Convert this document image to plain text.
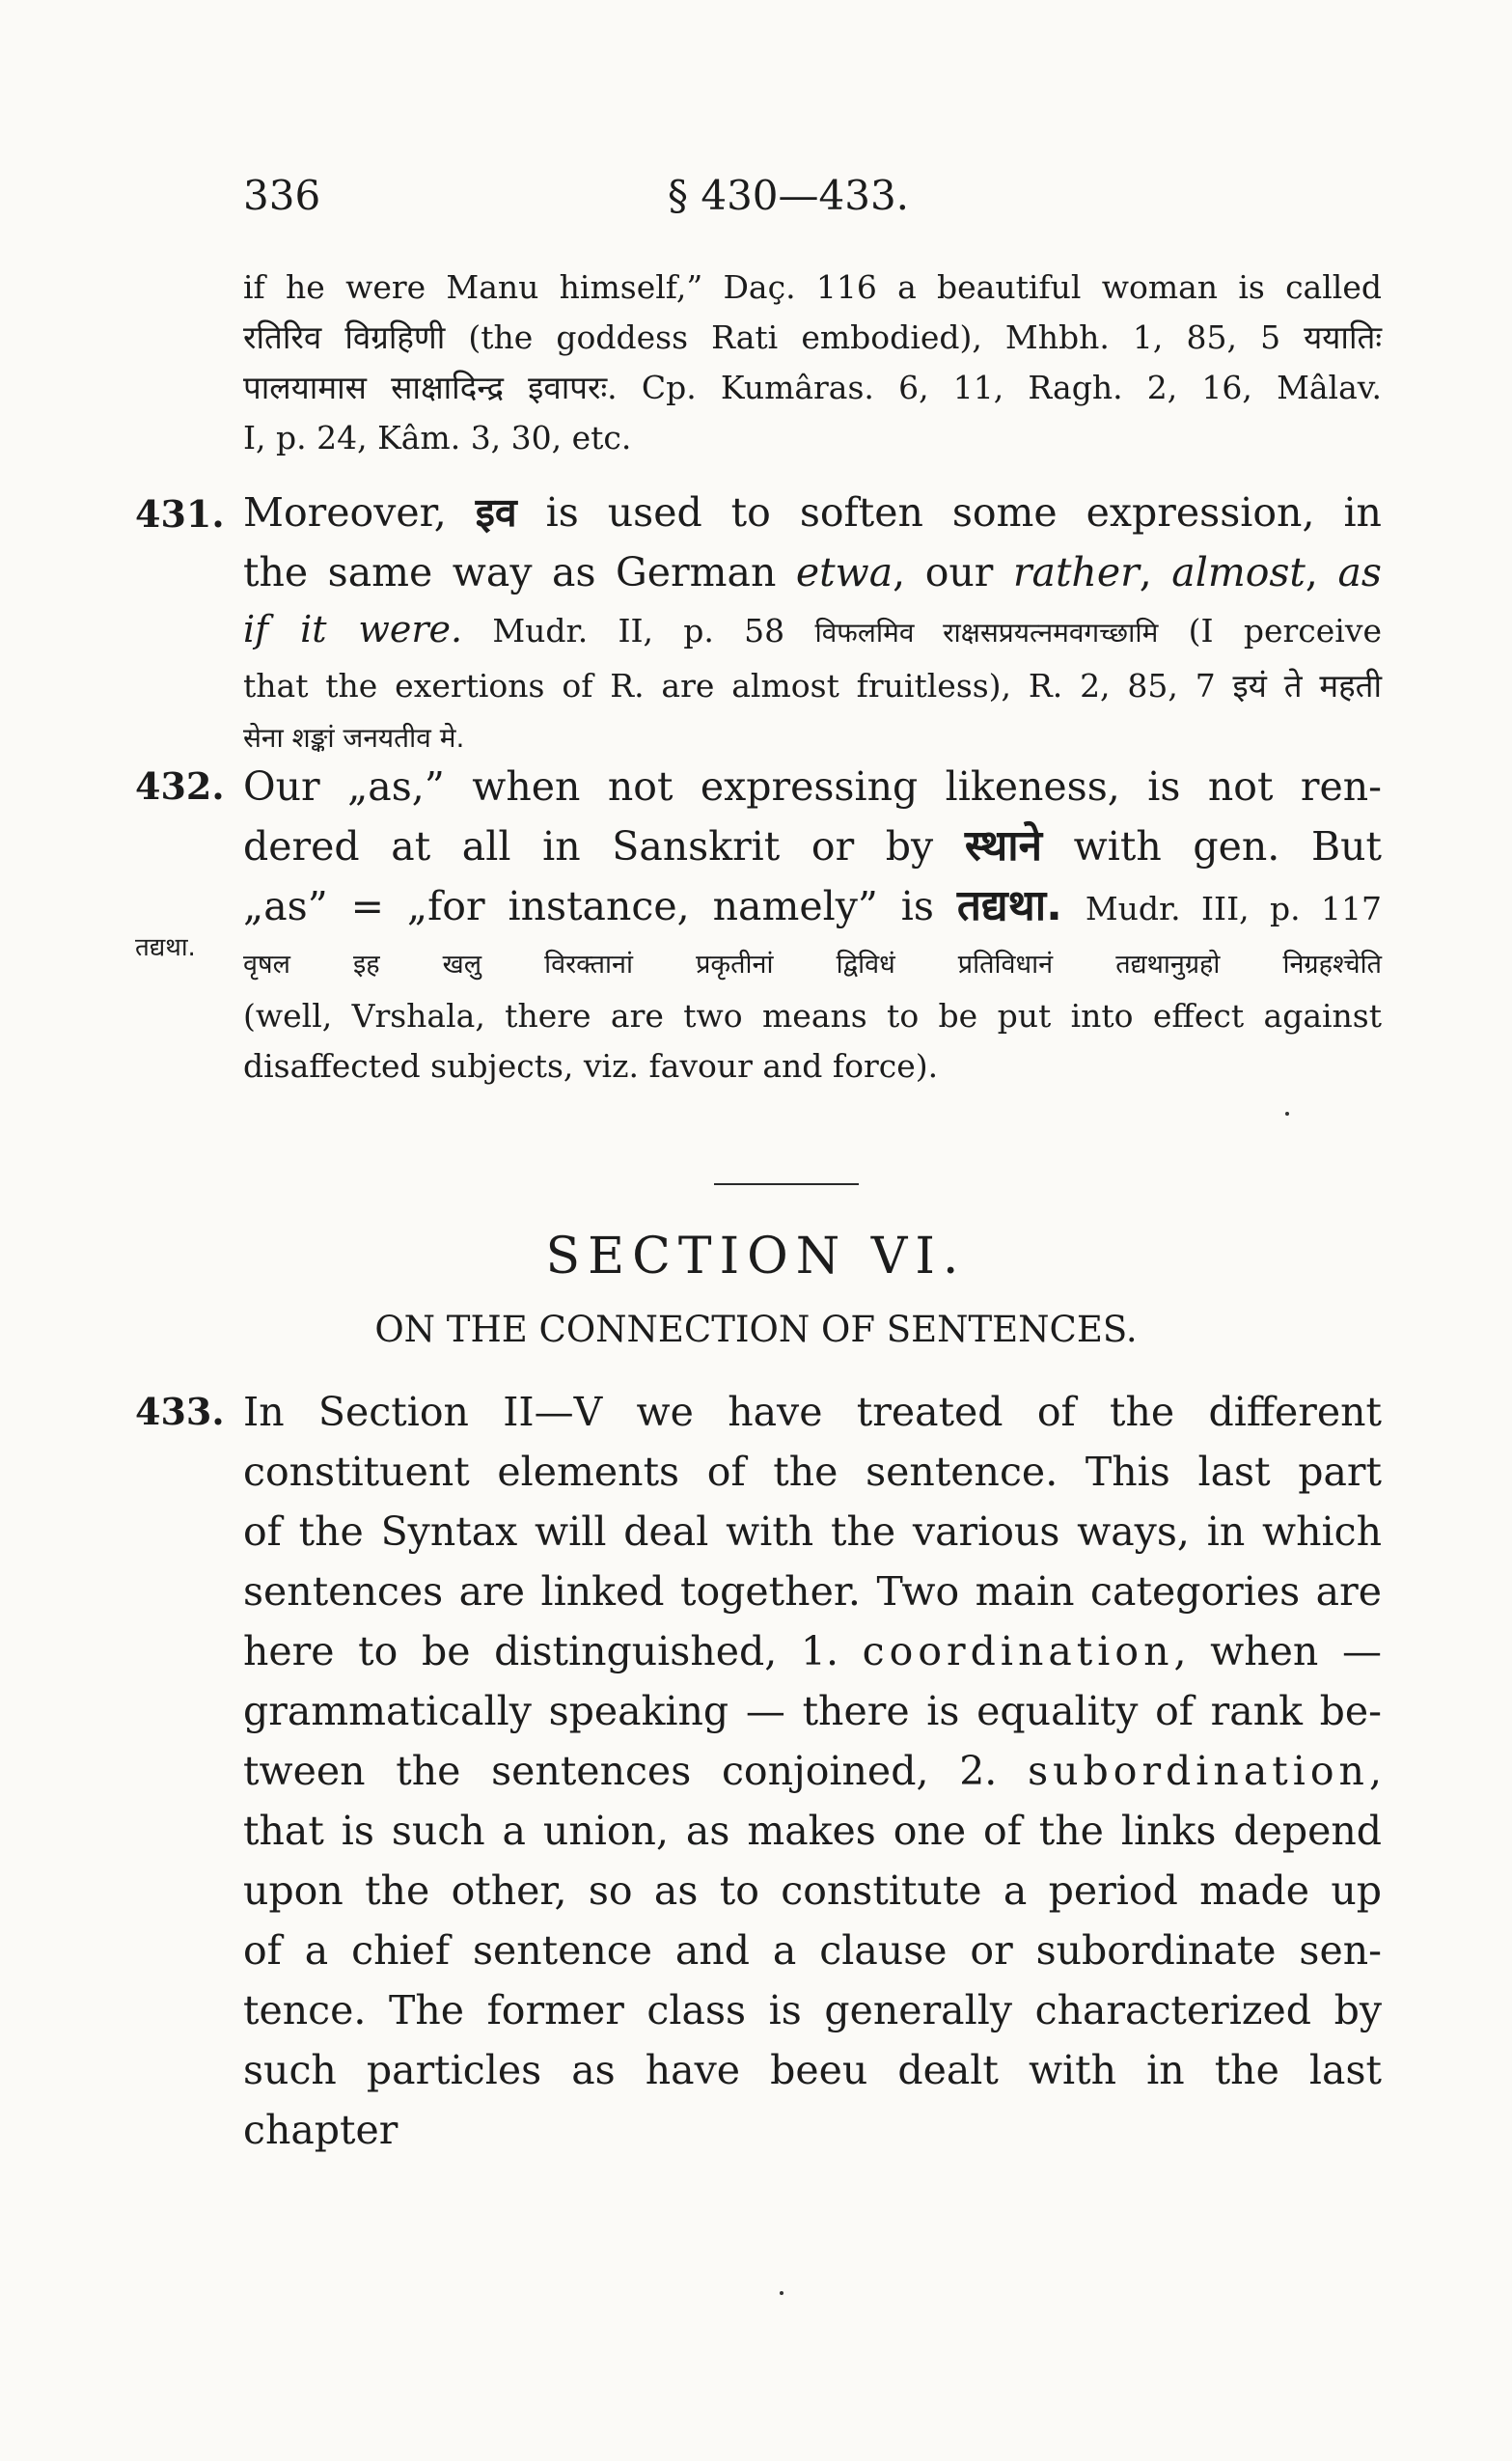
336	§ 430—433.
if he were Manu himself,” Daç. 116 a beautiful woman is called
रतिरिव विग्रहिणी (the goddess Rati embodied), Mhbh. 1, 85, 5 ययातिः
पालयामास साक्षादिन्द्र इवापरः. Cp. Kumâras. 6, 11, Ragh. 2, 16, Mâlav.
I, p. 24, Kâm. 3, 30, etc.
431. Moreover, इव is used to soften some expression, in
the same way as German etwa, our rather, almost, as
if it were. Mudr. II, p. 58 विफलमिव राक्षसप्रयत्नमवगच्छामि (I perceive
that the exertions of R. are almost fruitless), R. 2, 85, 7 इयं ते महती
सेना शङ्कां जनयतीव मे.
432. Our „as,” when not expressing likeness, is not ren-
dered at all in Sanskrit or by स्थाने with gen. But
„as” = „for instance, namely” is तद्यथा. Mudr. III, p. 117
वृषल इह खलु विरक्तानां प्रकृतीनां द्विविधं प्रतिविधानं तद्यथानुग्रहो निग्रहश्चेति
(well, Vrshala, there are two means to be put into effect against
disaffected subjects, viz. favour and force).
तद्यथा.
SECTION VI.
ON THE CONNECTION OF SENTENCES.
433. In Section II—V we have treated of the different
constituent elements of the sentence. This last part
of the Syntax will deal with the various ways, in which
sentences are linked together. Two main categories are
here to be distinguished, 1. coordination, when —
grammatically speaking — there is equality of rank be-
tween the sentences conjoined, 2. subordination,
that is such a union, as makes one of the links depend
upon the other, so as to constitute a period made up
of a chief sentence and a clause or subordinate sen-
tence. The former class is generally characterized by
such particles as have beeu dealt with in the last chapter
